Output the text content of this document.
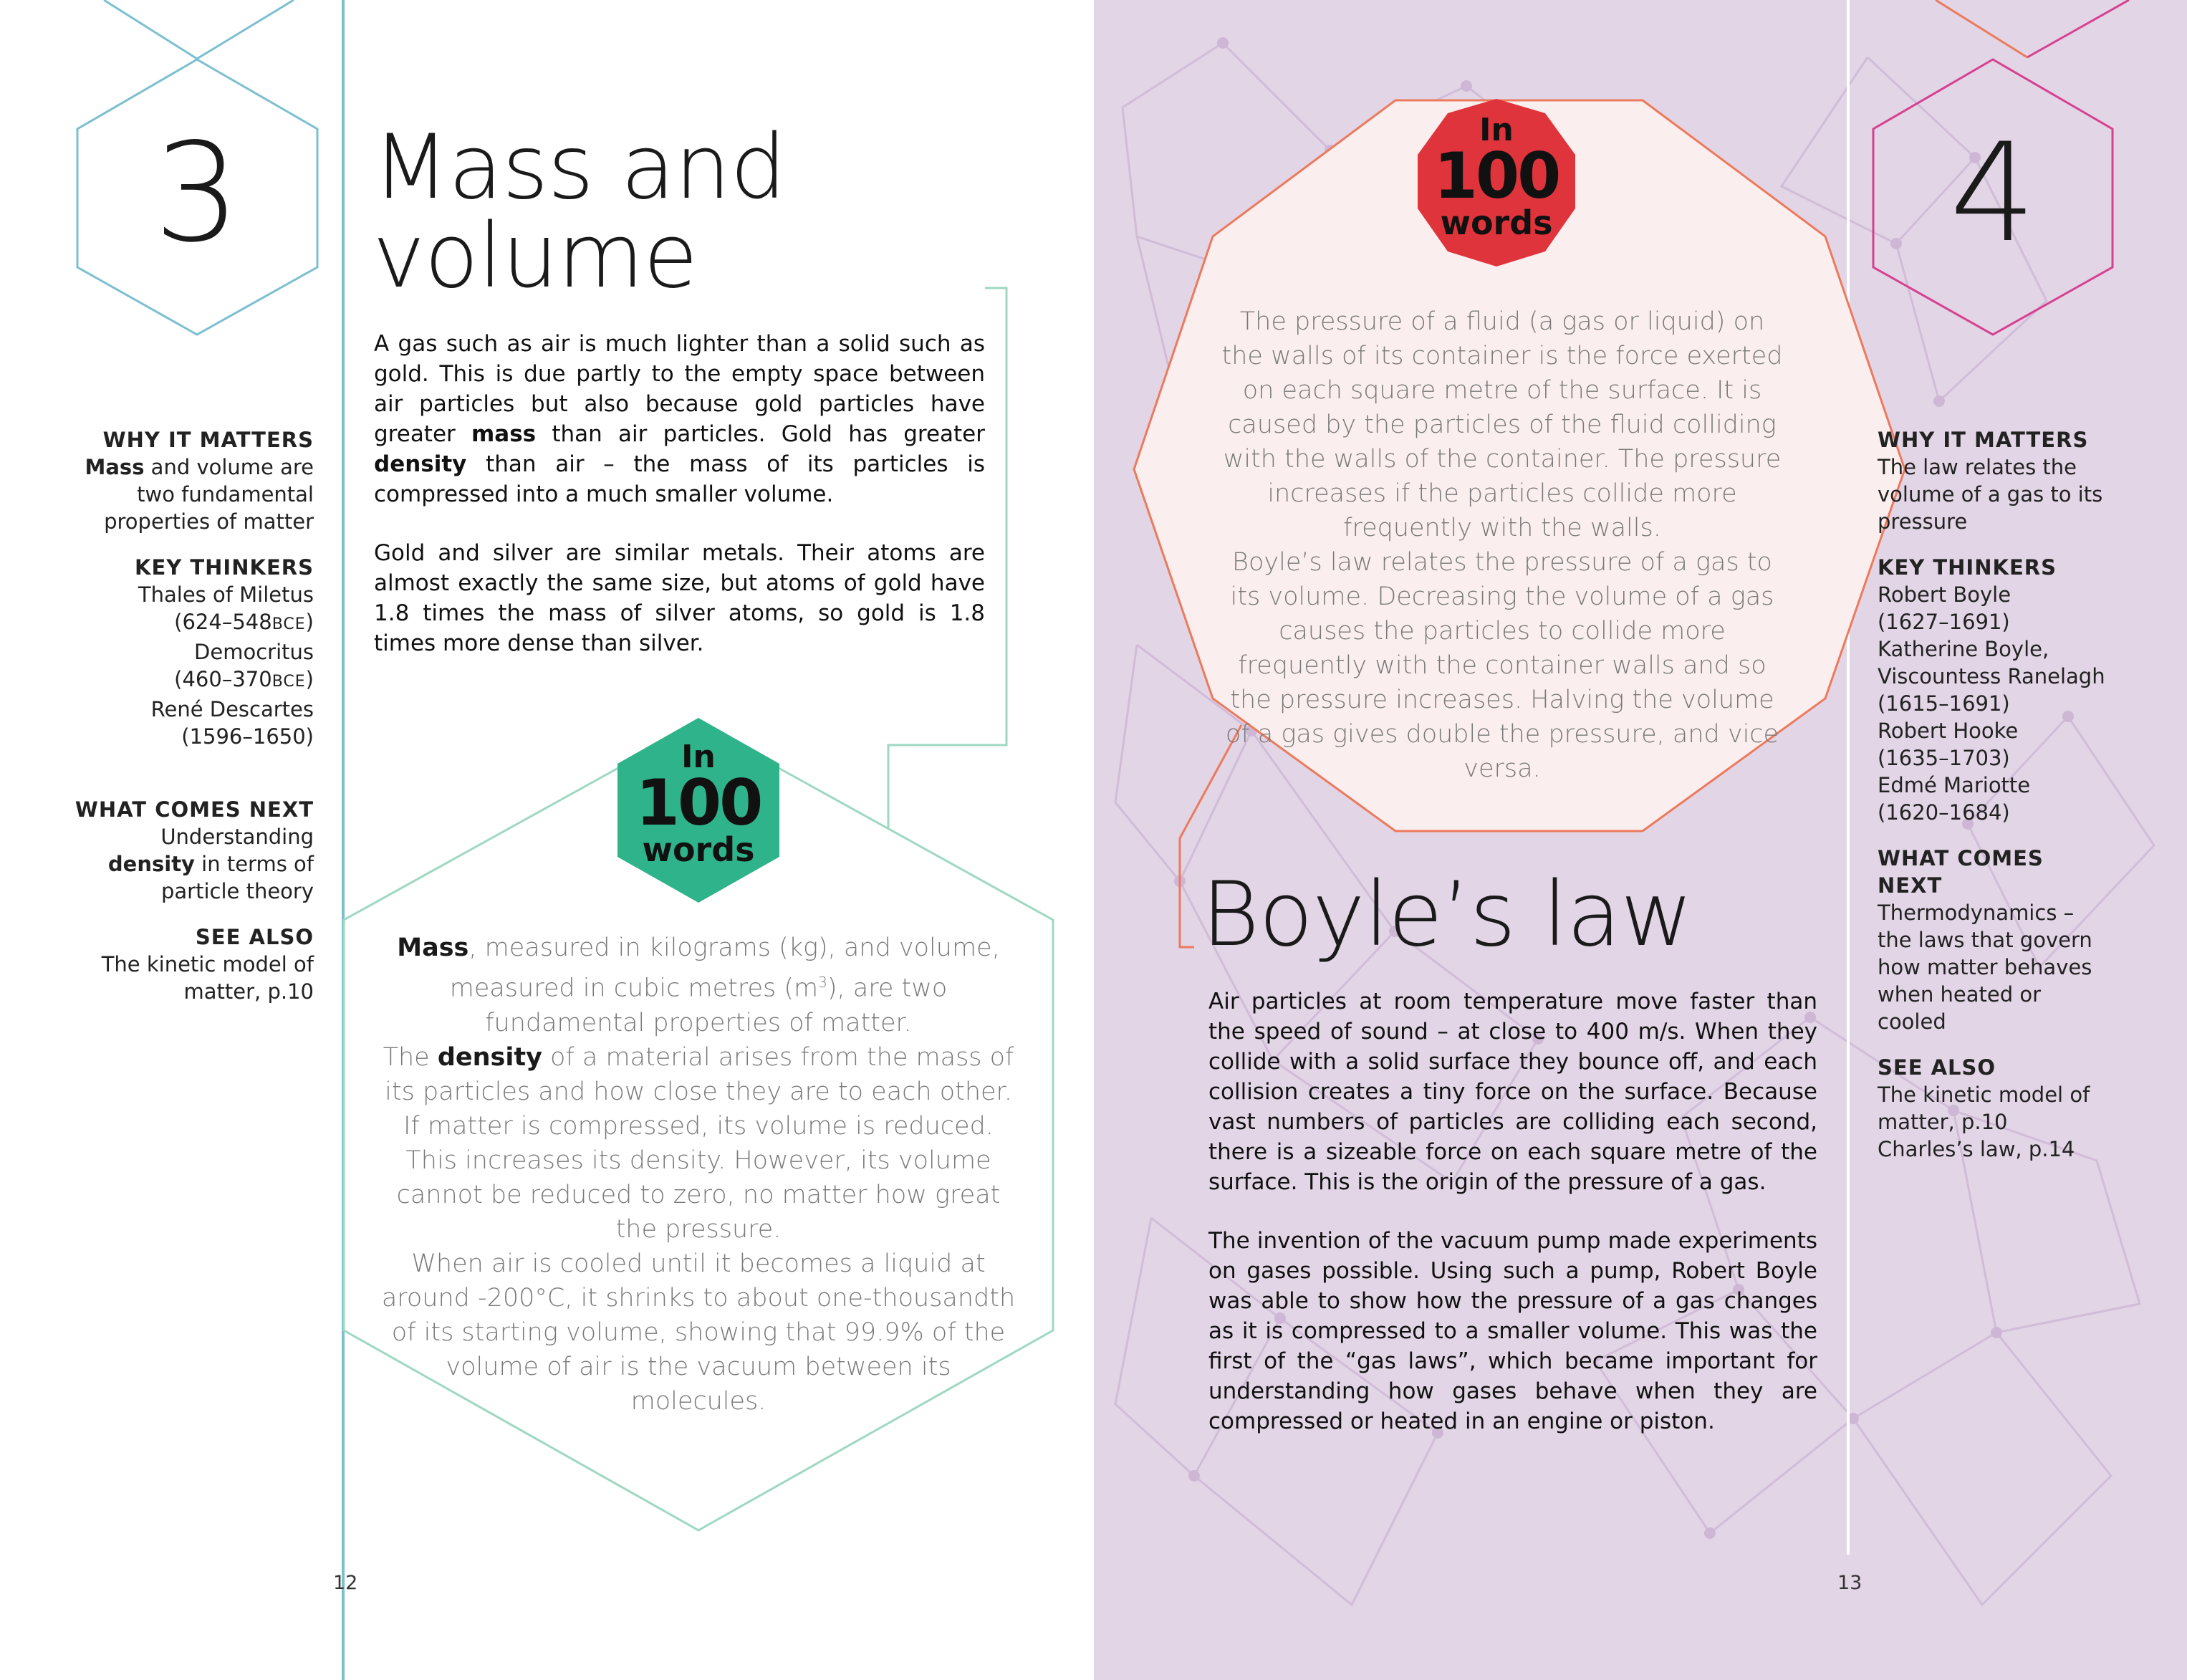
3	Mass and
volume

A gas such as air is much lighter than a solid such as gold. This is due partly to the empty space between air particles but also because gold particles have greater mass than air particles. Gold has greater density than air – the mass of its particles is compressed into a much smaller volume.

Gold and silver are similar metals. Their atoms are almost exactly the same size, but atoms of gold have 1.8 times the mass of silver atoms, so gold is 1.8 times more dense than silver.

WHY IT MATTERS
Mass and volume are two fundamental properties of matter
KEY THINKERS
Thales of Miletus
(624–548BCE)
Democritus
(460–370BCE)
René Descartes
(1596–1650)
WHAT COMES NEXT
Understanding density in terms of particle theory
SEE ALSO
The kinetic model of matter, p.10
In
100
words

Mass, measured in kilograms (kg), and volume, measured in cubic metres $(m^3)$, are two fundamental properties of matter.

The density of a material arises from the mass of its particles and how close they are to each other. If matter is compressed, its volume is reduced. This increases its density. However, its volume cannot be reduced to zero, no matter how great the pressure.

When air is cooled until it becomes a liquid at around -200°C, it shrinks to about one-thousandth of its starting volume, showing that 99.9% of the volume of air is the vacuum between its molecules.

12
4
In
100
words

The pressure of a fluid (a gas or liquid) on the walls of its container is the force exerted on each square metre of the surface. It is caused by the particles of the fluid colliding with the walls of the container. The pressure increases if the particles collide more frequently with the walls.

Boyle’s law relates the pressure of a gas to its volume. Decreasing the volume of a gas causes the particles to collide more frequently with the container walls and so the pressure increases. Halving the volume of a gas gives double the pressure, and vice versa.

Boyle’s law

Air particles at room temperature move faster than the speed of sound – at close to 400 m/s. When they collide with a solid surface they bounce off, and each collision creates a tiny force on the surface. Because vast numbers of particles are colliding each second, there is a sizeable force on each square metre of the surface. This is the origin of the pressure of a gas.

The invention of the vacuum pump made experiments on gases possible. Using such a pump, Robert Boyle was able to show how the pressure of a gas changes as it is compressed to a smaller volume. This was the first of the “gas laws”, which became important for understanding how gases behave when they are compressed or heated in an engine or piston.

WHY IT MATTERS
The law relates the volume of a gas to its pressure
KEY THINKERS
Robert Boyle
(1627–1691)
Katherine Boyle, Viscountess Ranelagh
(1615–1691)
Robert Hooke
(1635–1703)
Edmé Mariotte
(1620–1684)
WHAT COMES NEXT
Thermodynamics – the laws that govern how matter behaves when heated or cooled
SEE ALSO
The kinetic model of matter, p.10
Charles’s law, p.14
13
